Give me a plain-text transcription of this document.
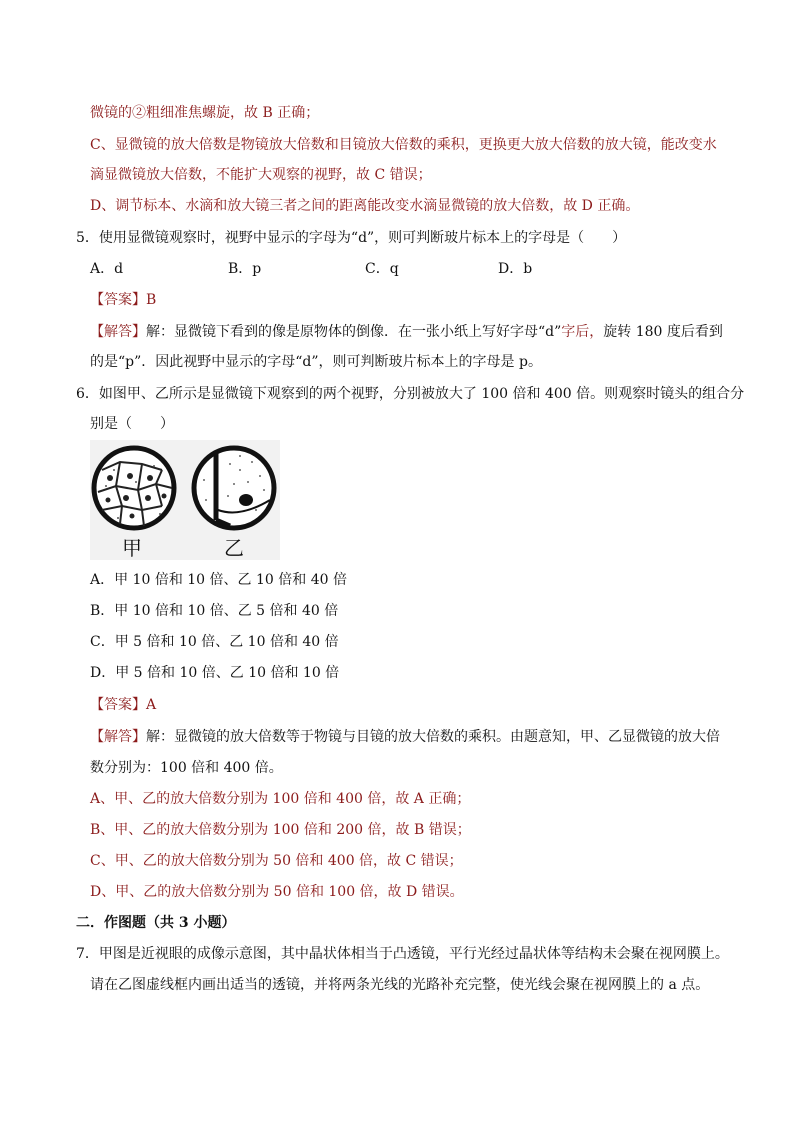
微镜的②粗细准焦螺旋，故 B 正确；
C、显微镜的放大倍数是物镜放大倍数和目镜放大倍数的乘积，更换更大放大倍数的放大镜，能改变水
滴显微镜放大倍数，不能扩大观察的视野，故 C 错误；
D、调节标本、水滴和放大镜三者之间的距离能改变水滴显微镜的放大倍数，故 D 正确。
5．使用显微镜观察时，视野中显示的字母为“d”，则可判断玻片标本上的字母是（　　）
A．d	B．p	C．q	D．b
【答案】B
【解答】解：显微镜下看到的像是原物体的倒像．在一张小纸上写好字母“d”字后，旋转 180 度后看到
的是“p”．因此视野中显示的字母“d”，则可判断玻片标本上的字母是 p。
6．如图甲、乙所示是显微镜下观察到的两个视野，分别被放大了 100 倍和 400 倍。则观察时镜头的组合分
别是（　　）
甲	乙
A．甲 10 倍和 10 倍、乙 10 倍和 40 倍
B．甲 10 倍和 10 倍、乙 5 倍和 40 倍
C．甲 5 倍和 10 倍、乙 10 倍和 40 倍
D．甲 5 倍和 10 倍、乙 10 倍和 10 倍
【答案】A
【解答】解：显微镜的放大倍数等于物镜与目镜的放大倍数的乘积。由题意知，甲、乙显微镜的放大倍
数分别为：100 倍和 400 倍。
A、甲、乙的放大倍数分别为 100 倍和 400 倍，故 A 正确；
B、甲、乙的放大倍数分别为 100 倍和 200 倍，故 B 错误；
C、甲、乙的放大倍数分别为 50 倍和 400 倍，故 C 错误；
D、甲、乙的放大倍数分别为 50 倍和 100 倍，故 D 错误。
二．作图题（共 3 小题）
7．甲图是近视眼的成像示意图，其中晶状体相当于凸透镜，平行光经过晶状体等结构未会聚在视网膜上。
请在乙图虚线框内画出适当的透镜，并将两条光线的光路补充完整，使光线会聚在视网膜上的 a 点。
